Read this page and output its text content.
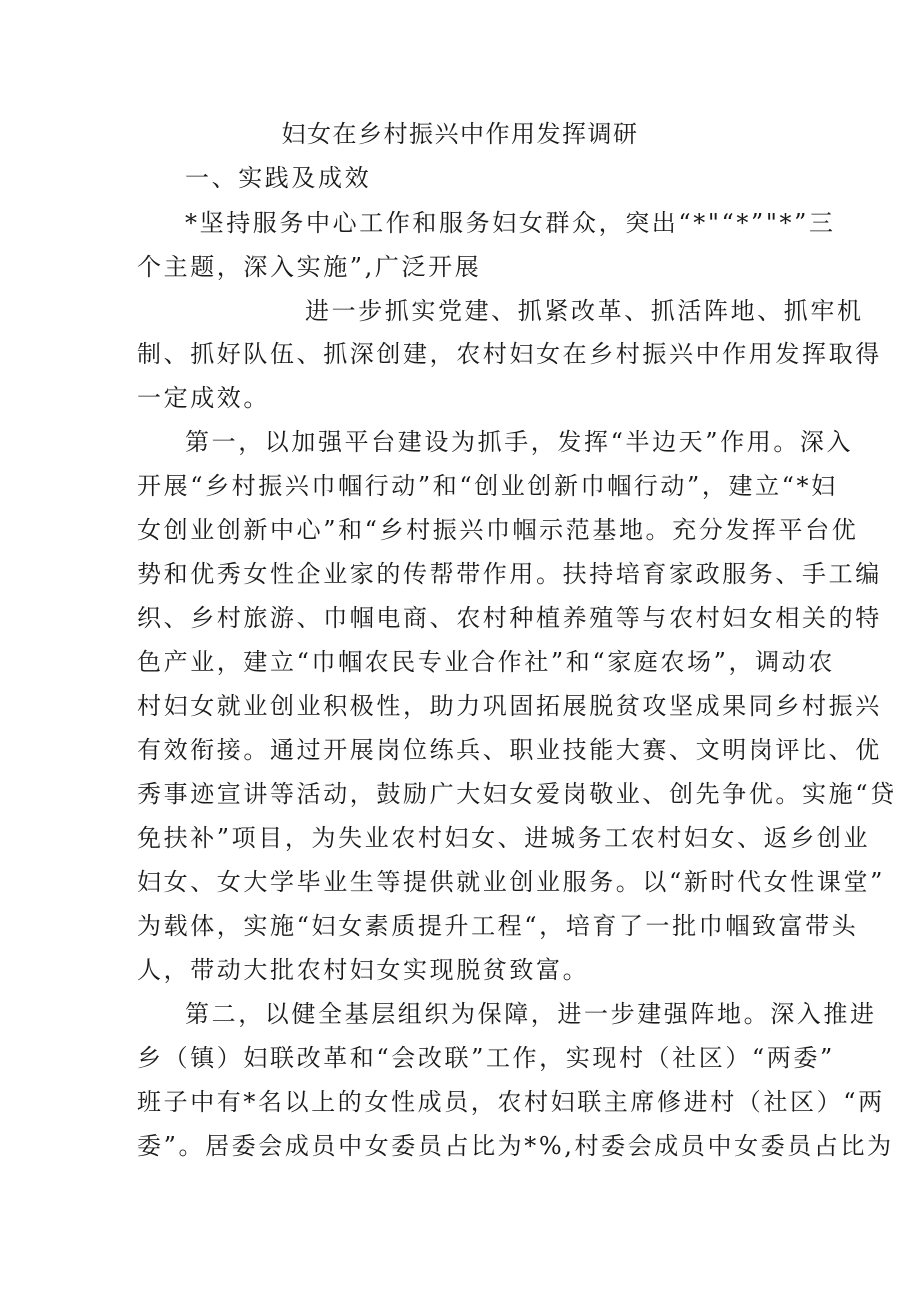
妇女在乡村振兴中作用发挥调研
一、实践及成效
*坚持服务中心工作和服务妇女群众，突出“*"“*”"*”三
个主题，深入实施”,广泛开展
进一步抓实党建、抓紧改革、抓活阵地、抓牢机
制、抓好队伍、抓深创建，农村妇女在乡村振兴中作用发挥取得
一定成效。
第一，以加强平台建设为抓手，发挥“半边天”作用。深入
开展“乡村振兴巾帼行动”和“创业创新巾帼行动”，建立“*妇
女创业创新中心”和“乡村振兴巾帼示范基地。充分发挥平台优
势和优秀女性企业家的传帮带作用。扶持培育家政服务、手工编
织、乡村旅游、巾帼电商、农村种植养殖等与农村妇女相关的特
色产业，建立“巾帼农民专业合作社”和“家庭农场”，调动农
村妇女就业创业积极性，助力巩固拓展脱贫攻坚成果同乡村振兴
有效衔接。通过开展岗位练兵、职业技能大赛、文明岗评比、优
秀事迹宣讲等活动，鼓励广大妇女爱岗敬业、创先争优。实施“贷
免扶补”项目，为失业农村妇女、进城务工农村妇女、返乡创业
妇女、女大学毕业生等提供就业创业服务。以“新时代女性课堂”
为载体，实施“妇女素质提升工程“，培育了一批巾帼致富带头
人，带动大批农村妇女实现脱贫致富。
第二，以健全基层组织为保障，进一步建强阵地。深入推进
乡（镇）妇联改革和“会改联”工作，实现村（社区）“两委”
班子中有*名以上的女性成员，农村妇联主席修进村（社区）“两
委”。居委会成员中女委员占比为*%,村委会成员中女委员占比为
